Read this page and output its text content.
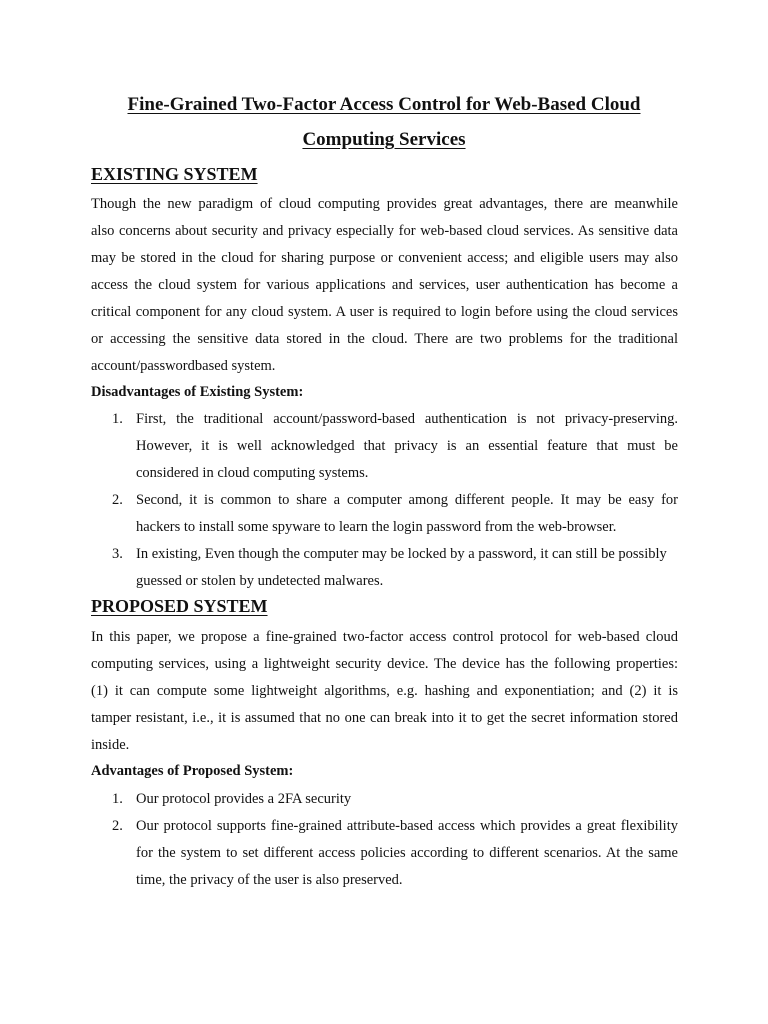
Fine-Grained Two-Factor Access Control for Web-Based Cloud
Computing Services
EXISTING SYSTEM

Though the new paradigm of cloud computing provides great advantages, there are meanwhile

also concerns about security and privacy especially for web-based cloud services. As sensitive data

may be stored in the cloud for sharing purpose or convenient access; and eligible users may also

access the cloud system for various applications and services, user authentication has become a

critical component for any cloud system. A user is required to login before using the cloud services

or accessing the sensitive data stored in the cloud. There are two problems for the traditional

account/passwordbased system.

Disadvantages of Existing System:
1. First, the traditional account/password-based authentication is not privacy-preserving.

However, it is well acknowledged that privacy is an essential feature that must be

considered in cloud computing systems.

2. Second, it is common to share a computer among different people. It may be easy for

hackers to install some spyware to learn the login password from the web-browser.

3. In existing, Even though the computer may be locked by a password, it can still be possibly

guessed or stolen by undetected malwares.

PROPOSED SYSTEM

In this paper, we propose a fine-grained two-factor access control protocol for web-based cloud

computing services, using a lightweight security device. The device has the following properties:

(1) it can compute some lightweight algorithms, e.g. hashing and exponentiation; and (2) it is

tamper resistant, i.e., it is assumed that no one can break into it to get the secret information stored

inside.

Advantages of Proposed System:
1. Our protocol provides a 2FA security

2. Our protocol supports fine-grained attribute-based access which provides a great flexibility

for the system to set different access policies according to different scenarios. At the same

time, the privacy of the user is also preserved.
